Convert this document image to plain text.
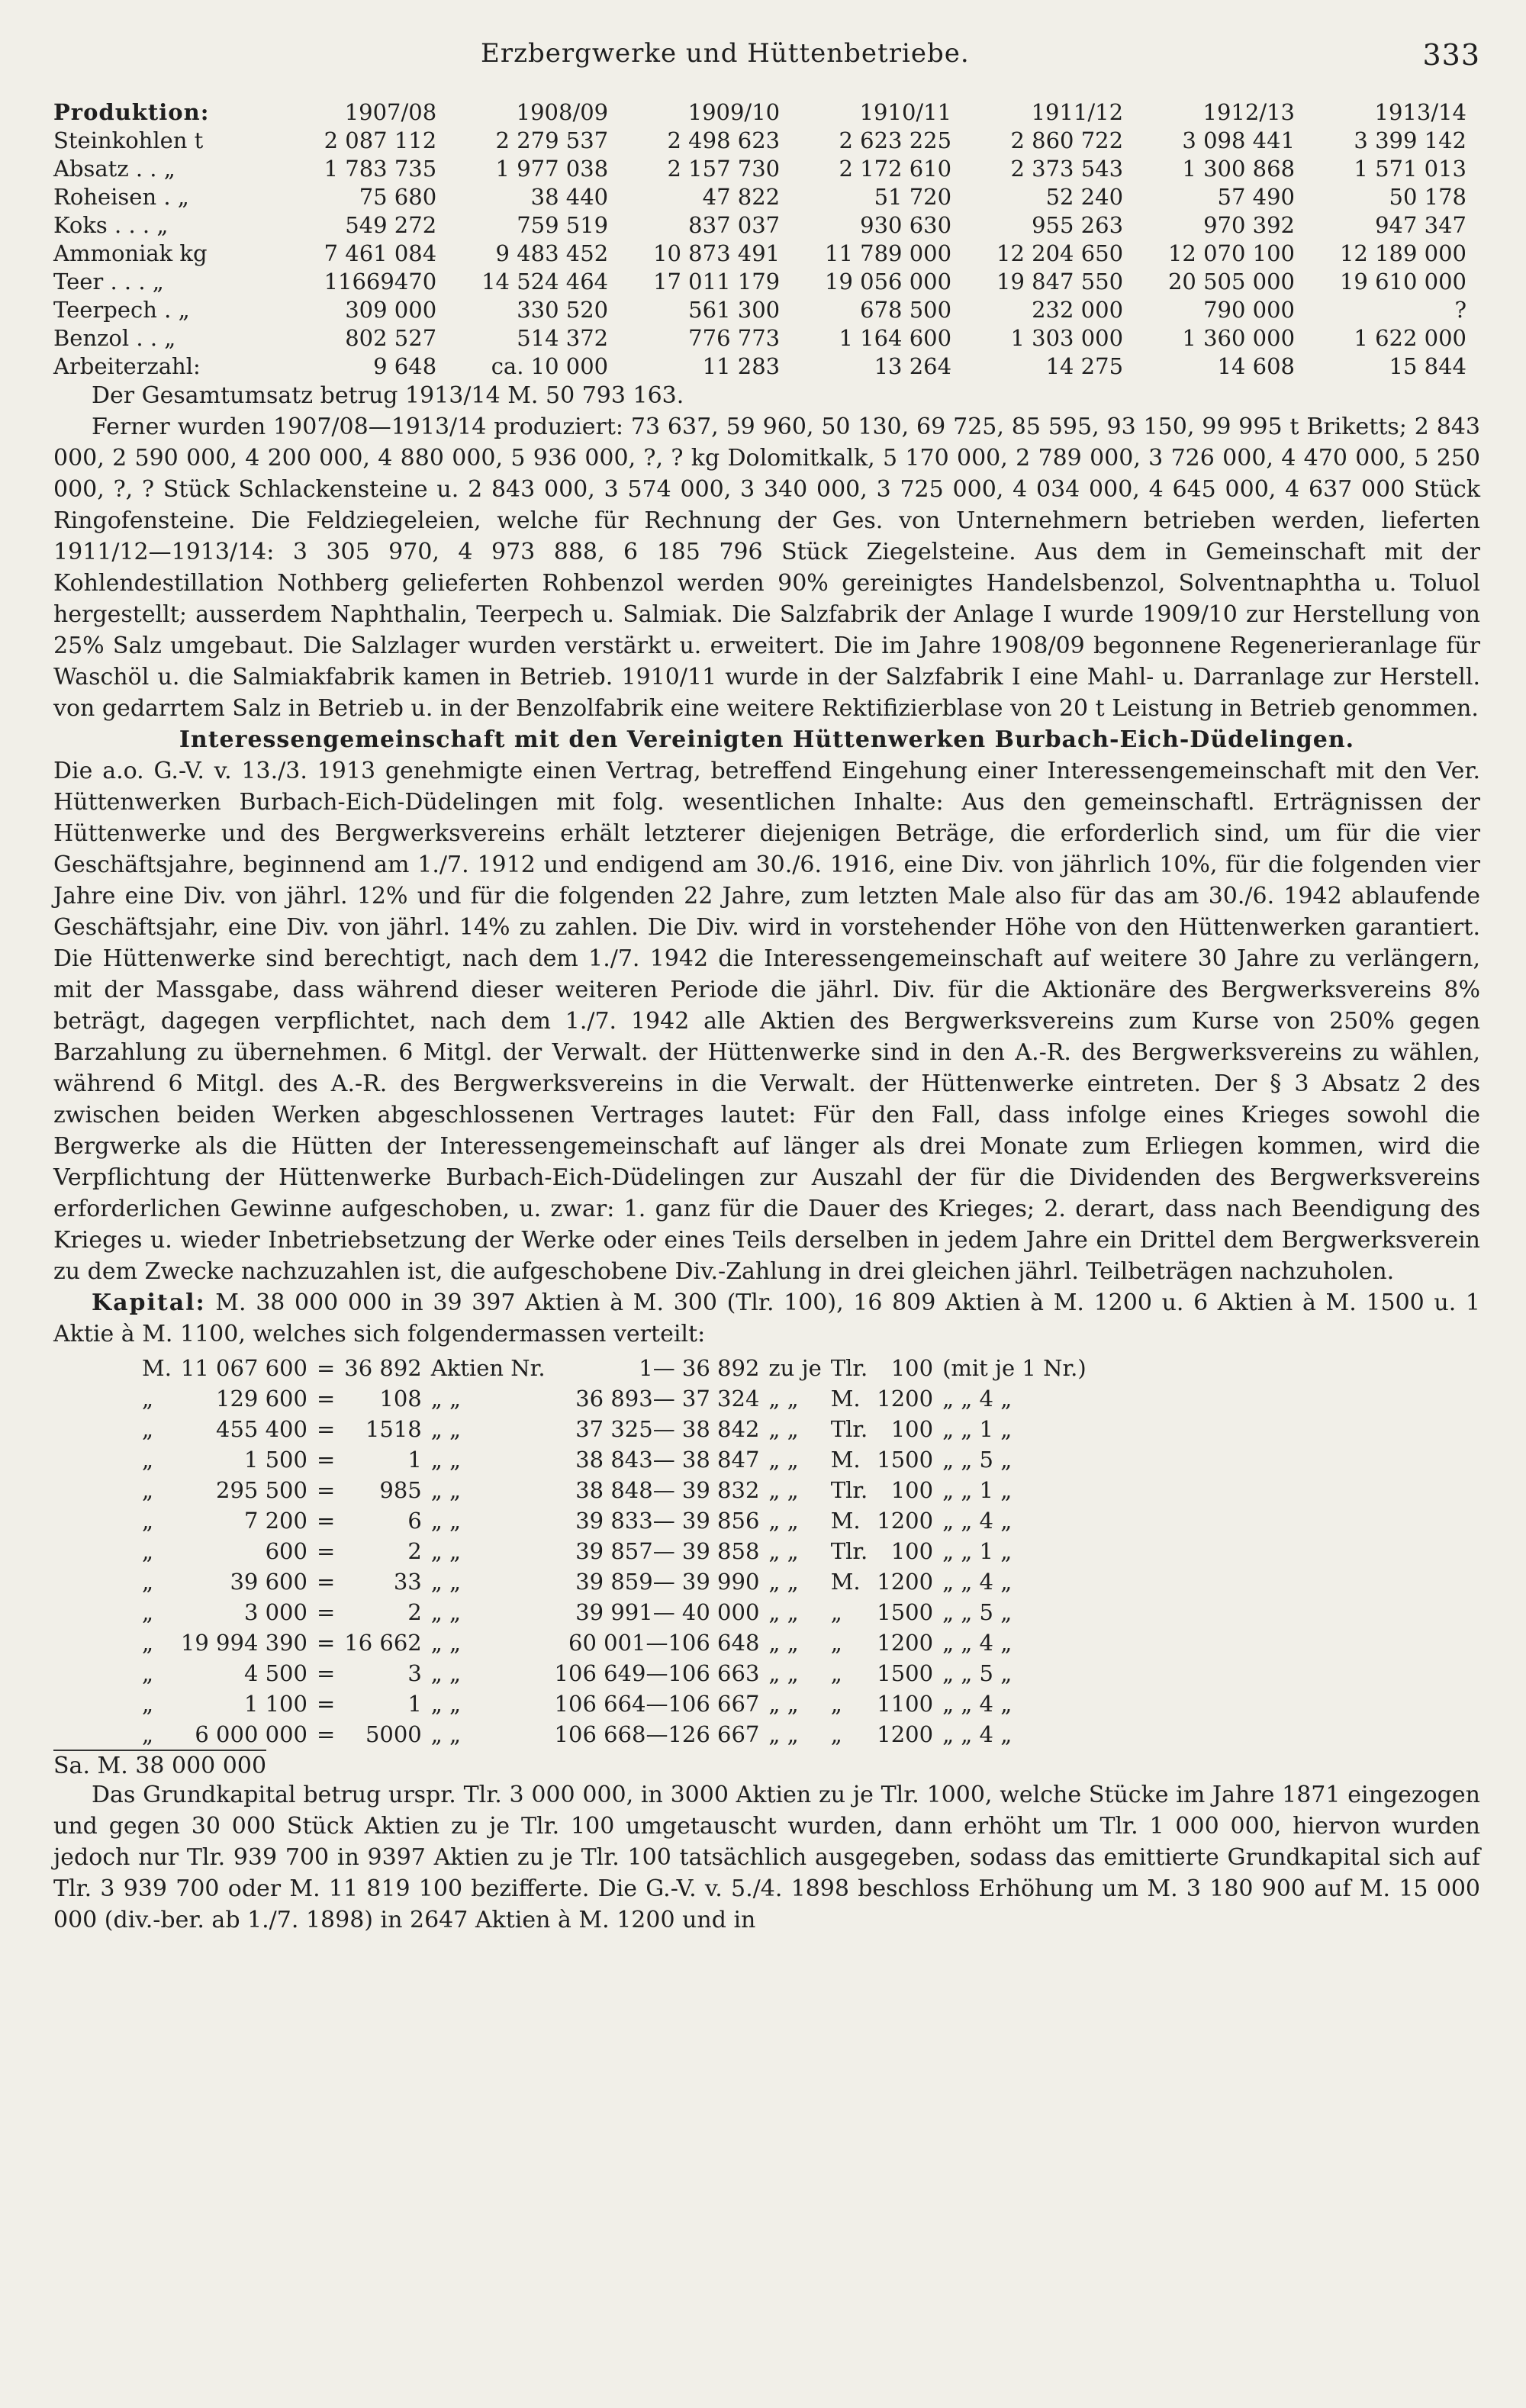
Erzbergwerke und Hüttenbetriebe.	333
Produktion:	1907/08	1908/09	1909/10	1910/11	1911/12	1912/13	1913/14
Steinkohlen t	2 087 112	2 279 537	2 498 623	2 623 225	2 860 722	3 098 441	3 399 142
Absatz . . „	1 783 735	1 977 038	2 157 730	2 172 610	2 373 543	1 300 868	1 571 013
Roheisen . „	75 680	38 440	47 822	51 720	52 240	57 490	50 178
Koks . . . „	549 272	759 519	837 037	930 630	955 263	970 392	947 347
Ammoniak kg	7 461 084	9 483 452	10 873 491	11 789 000	12 204 650	12 070 100	12 189 000
Teer . . . „	11669470	14 524 464	17 011 179	19 056 000	19 847 550	20 505 000	19 610 000
Teerpech . „	309 000	330 520	561 300	678 500	232 000	790 000	?
Benzol . . „	802 527	514 372	776 773	1 164 600	1 303 000	1 360 000	1 622 000
Arbeiterzahl:	9 648	ca. 10 000	11 283	13 264	14 275	14 608	15 844

Der Gesamtumsatz betrug 1913/14 M. 50 793 163.

Ferner wurden 1907/08—1913/14 produziert: 73 637, 59 960, 50 130, 69 725, 85 595, 93 150, 99 995 t Briketts; 2 843 000, 2 590 000, 4 200 000, 4 880 000, 5 936 000, ?, ? kg Dolomitkalk, 5 170 000, 2 789 000, 3 726 000, 4 470 000, 5 250 000, ?, ? Stück Schlackensteine u. 2 843 000, 3 574 000, 3 340 000, 3 725 000, 4 034 000, 4 645 000, 4 637 000 Stück Ringofensteine. Die Feldziegeleien, welche für Rechnung der Ges. von Unternehmern betrieben werden, lieferten 1911/12—1913/14: 3 305 970, 4 973 888, 6 185 796 Stück Ziegelsteine. Aus dem in Gemeinschaft mit der Kohlendestillation Nothberg gelieferten Rohbenzol werden 90% gereinigtes Handelsbenzol, Solventnaphtha u. Toluol hergestellt; ausserdem Naphthalin, Teerpech u. Salmiak. Die Salzfabrik der Anlage I wurde 1909/10 zur Herstellung von 25% Salz umgebaut. Die Salzlager wurden verstärkt u. erweitert. Die im Jahre 1908/09 begonnene Regenerieranlage für Waschöl u. die Salmiakfabrik kamen in Betrieb. 1910/11 wurde in der Salzfabrik I eine Mahl- u. Darranlage zur Herstell. von gedarrtem Salz in Betrieb u. in der Benzolfabrik eine weitere Rektifizierblase von 20 t Leistung in Betrieb genommen.

Interessengemeinschaft mit den Vereinigten Hüttenwerken Burbach-Eich-Düdelingen.

Die a.o. G.-V. v. 13./3. 1913 genehmigte einen Vertrag, betreffend Eingehung einer Interessengemeinschaft mit den Ver. Hüttenwerken Burbach-Eich-Düdelingen mit folg. wesentlichen Inhalte: Aus den gemeinschaftl. Erträgnissen der Hüttenwerke und des Bergwerksvereins erhält letzterer diejenigen Beträge, die erforderlich sind, um für die vier Geschäftsjahre, beginnend am 1./7. 1912 und endigend am 30./6. 1916, eine Div. von jährlich 10%, für die folgenden vier Jahre eine Div. von jährl. 12% und für die folgenden 22 Jahre, zum letzten Male also für das am 30./6. 1942 ablaufende Geschäftsjahr, eine Div. von jährl. 14% zu zahlen. Die Div. wird in vorstehender Höhe von den Hüttenwerken garantiert. Die Hüttenwerke sind berechtigt, nach dem 1./7. 1942 die Interessengemeinschaft auf weitere 30 Jahre zu verlängern, mit der Massgabe, dass während dieser weiteren Periode die jährl. Div. für die Aktionäre des Bergwerksvereins 8% beträgt, dagegen verpflichtet, nach dem 1./7. 1942 alle Aktien des Bergwerksvereins zum Kurse von 250% gegen Barzahlung zu übernehmen. 6 Mitgl. der Verwalt. der Hüttenwerke sind in den A.-R. des Bergwerksvereins zu wählen, während 6 Mitgl. des A.-R. des Bergwerksvereins in die Verwalt. der Hüttenwerke eintreten. Der § 3 Absatz 2 des zwischen beiden Werken abgeschlossenen Vertrages lautet: Für den Fall, dass infolge eines Krieges sowohl die Bergwerke als die Hütten der Interessengemeinschaft auf länger als drei Monate zum Erliegen kommen, wird die Verpflichtung der Hüttenwerke Burbach-Eich-Düdelingen zur Auszahl der für die Dividenden des Bergwerksvereins erforderlichen Gewinne aufgeschoben, u. zwar: 1. ganz für die Dauer des Krieges; 2. derart, dass nach Beendigung des Krieges u. wieder Inbetriebsetzung der Werke oder eines Teils derselben in jedem Jahre ein Drittel dem Bergwerksverein zu dem Zwecke nachzuzahlen ist, die aufgeschobene Div.-Zahlung in drei gleichen jährl. Teilbeträgen nachzuholen.

Kapital: M. 38 000 000 in 39 397 Aktien à M. 300 (Tlr. 100), 16 809 Aktien à M. 1200 u. 6 Aktien à M. 1500 u. 1 Aktie à M. 1100, welches sich folgendermassen verteilt:

M.	11 067 600	=	36 892	Aktien Nr.	1— 36 892	zu je	Tlr.	100	(mit je 1 Nr.)
„	129 600	=	108	„ „	36 893— 37 324	„ „	M.	1200	„ „ 4 „
„	455 400	=	1518	„ „	37 325— 38 842	„ „	Tlr.	100	„ „ 1 „
„	1 500	=	1	„ „	38 843— 38 847	„ „	M.	1500	„ „ 5 „
„	295 500	=	985	„ „	38 848— 39 832	„ „	Tlr.	100	„ „ 1 „
„	7 200	=	6	„ „	39 833— 39 856	„ „	M.	1200	„ „ 4 „
„	600	=	2	„ „	39 857— 39 858	„ „	Tlr.	100	„ „ 1 „
„	39 600	=	33	„ „	39 859— 39 990	„ „	M.	1200	„ „ 4 „
„	3 000	=	2	„ „	39 991— 40 000	„ „	„	1500	„ „ 5 „
„	19 994 390	=	16 662	„ „	60 001—106 648	„ „	„	1200	„ „ 4 „
„	4 500	=	3	„ „	106 649—106 663	„ „	„	1500	„ „ 5 „
„	1 100	=	1	„ „	106 664—106 667	„ „	„	1100	„ „ 4 „
„	6 000 000	=	5000	„ „	106 668—126 667	„ „	„	1200	„ „ 4 „
Sa. M. 38 000 000

Das Grundkapital betrug urspr. Tlr. 3 000 000, in 3000 Aktien zu je Tlr. 1000, welche Stücke im Jahre 1871 eingezogen und gegen 30 000 Stück Aktien zu je Tlr. 100 umgetauscht wurden, dann erhöht um Tlr. 1 000 000, hiervon wurden jedoch nur Tlr. 939 700 in 9397 Aktien zu je Tlr. 100 tatsächlich ausgegeben, sodass das emittierte Grundkapital sich auf Tlr. 3 939 700 oder M. 11 819 100 bezifferte. Die G.-V. v. 5./4. 1898 beschloss Erhöhung um M. 3 180 900 auf M. 15 000 000 (div.-ber. ab 1./7. 1898) in 2647 Aktien à M. 1200 und in
